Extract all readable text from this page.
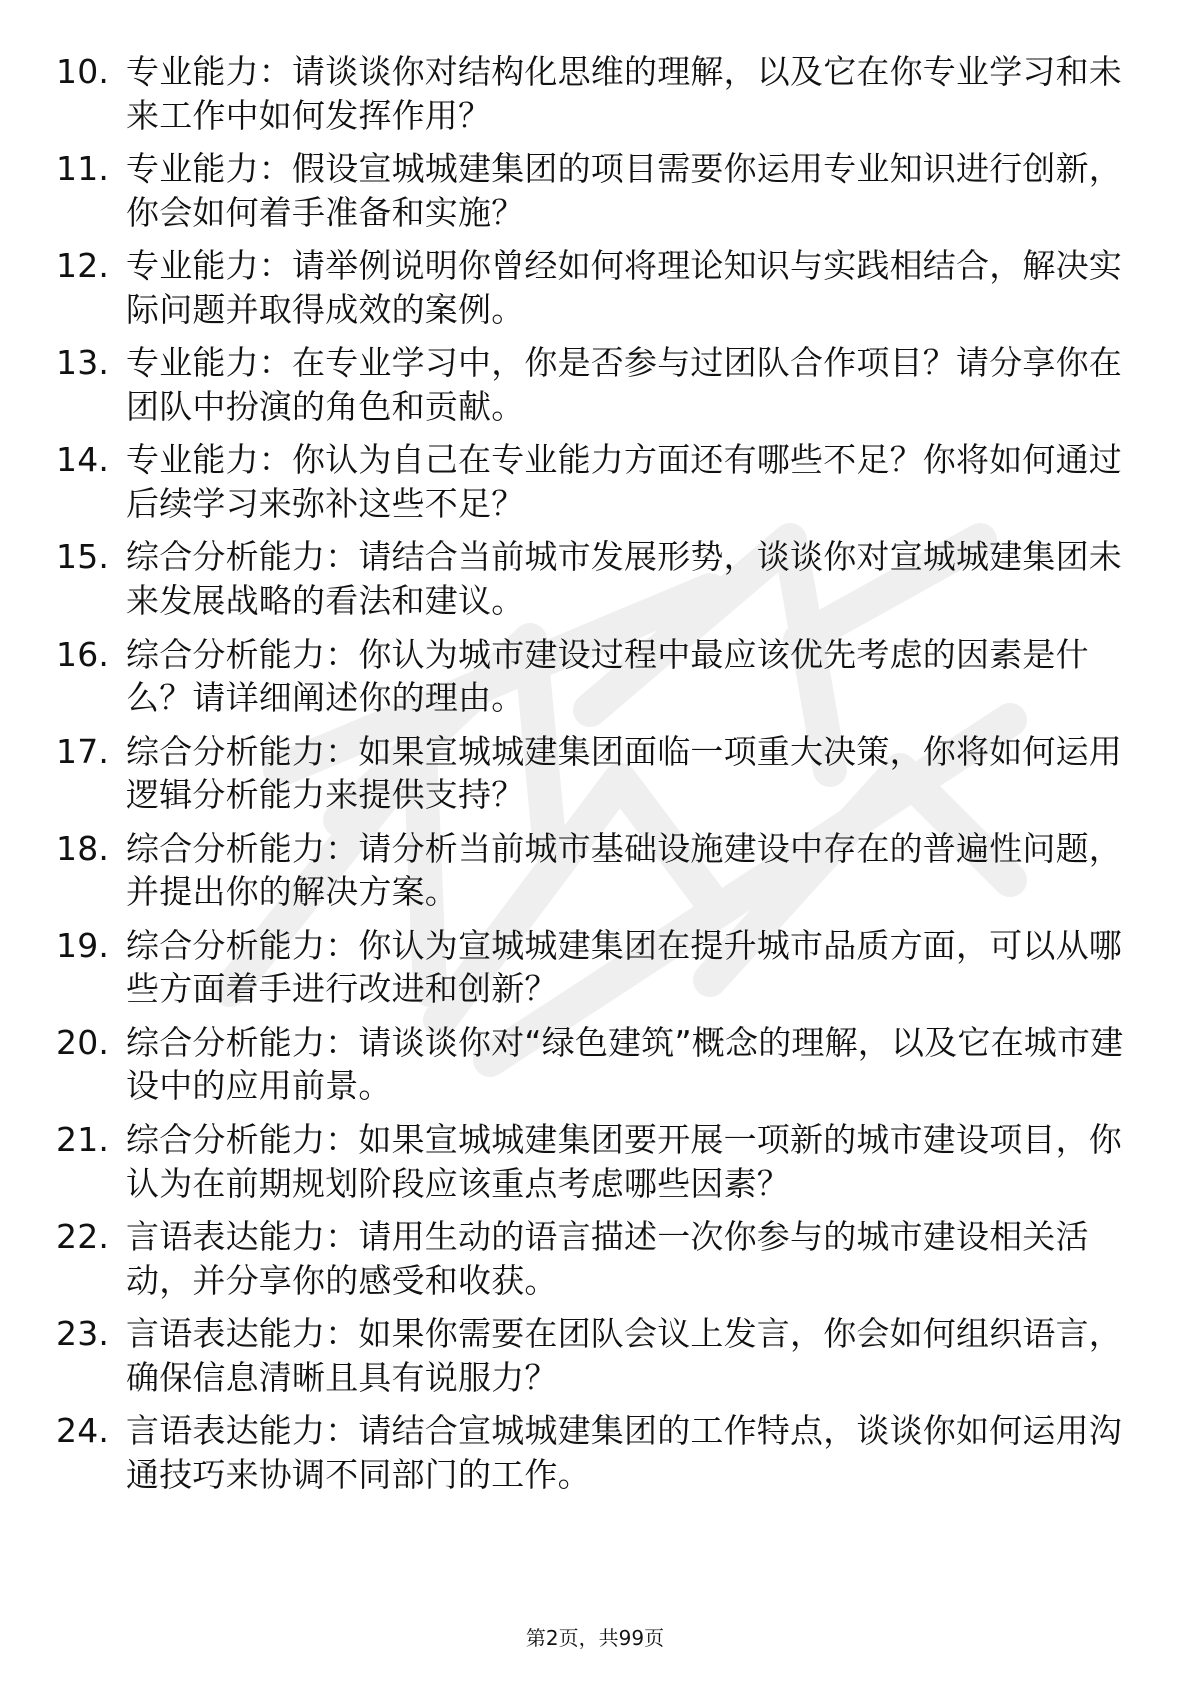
10. 专业能力：请谈谈你对结构化思维的理解，以及它在你专业学习和未来工作中如何发挥作用？
11. 专业能力：假设宣城城建集团的项目需要你运用专业知识进行创新，你会如何着手准备和实施？
12. 专业能力：请举例说明你曾经如何将理论知识与实践相结合，解决实际问题并取得成效的案例。
13. 专业能力：在专业学习中，你是否参与过团队合作项目？请分享你在团队中扮演的角色和贡献。
14. 专业能力：你认为自己在专业能力方面还有哪些不足？你将如何通过后续学习来弥补这些不足？
15. 综合分析能力：请结合当前城市发展形势，谈谈你对宣城城建集团未来发展战略的看法和建议。
16. 综合分析能力：你认为城市建设过程中最应该优先考虑的因素是什么？请详细阐述你的理由。
17. 综合分析能力：如果宣城城建集团面临一项重大决策，你将如何运用逻辑分析能力来提供支持？
18. 综合分析能力：请分析当前城市基础设施建设中存在的普遍性问题，并提出你的解决方案。
19. 综合分析能力：你认为宣城城建集团在提升城市品质方面，可以从哪些方面着手进行改进和创新？
20. 综合分析能力：请谈谈你对“绿色建筑”概念的理解，以及它在城市建设中的应用前景。
21. 综合分析能力：如果宣城城建集团要开展一项新的城市建设项目，你认为在前期规划阶段应该重点考虑哪些因素？
22. 言语表达能力：请用生动的语言描述一次你参与的城市建设相关活动，并分享你的感受和收获。
23. 言语表达能力：如果你需要在团队会议上发言，你会如何组织语言，确保信息清晰且具有说服力？
24. 言语表达能力：请结合宣城城建集团的工作特点，谈谈你如何运用沟通技巧来协调不同部门的工作。
第2页，共99页
